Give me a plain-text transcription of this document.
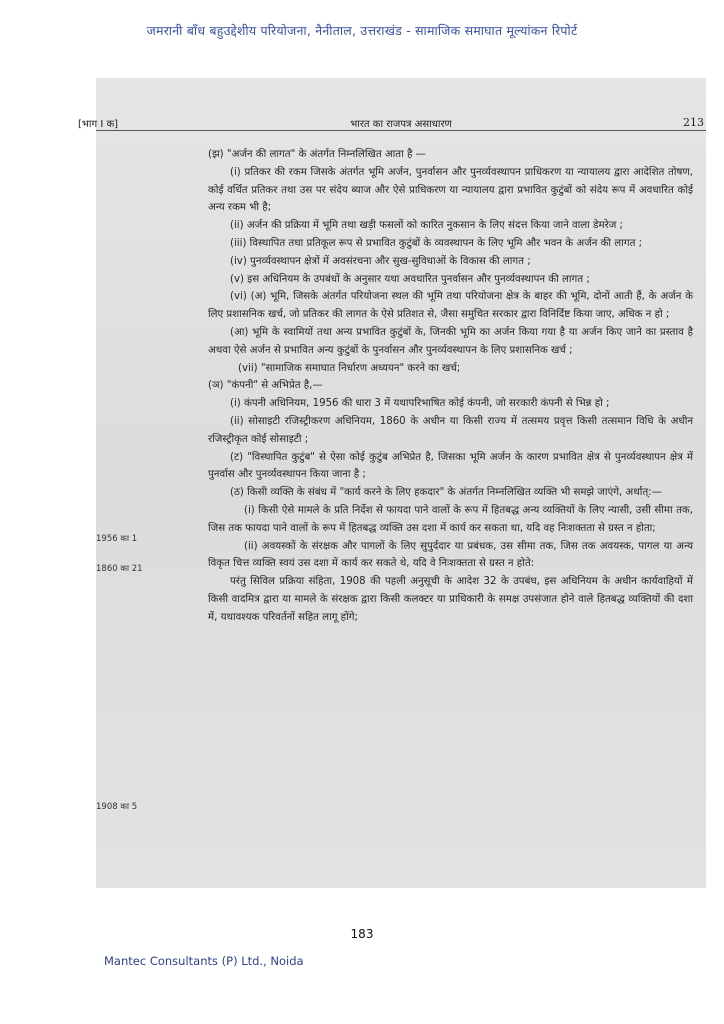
जमरानी बाँध बहुउद्देशीय परियोजना, नैनीताल, उत्तराखंड - सामाजिक समाघात मूल्यांकन रिपोर्ट
[भाग I क]	भारत का राजपत्र असाधारण	213
1956 का 1
1860 का 21
1908 का 5

(झ) "अर्जन की लागत" के अंतर्गत निम्नलिखित आता है —

(i) प्रतिकर की रकम जिसके अंतर्गत भूमि अर्जन, पुनर्वासन और पुनर्व्यवस्थापन प्राधिकरण या न्यायालय द्वारा आदेशित तोषण, कोई वर्धित प्रतिकर तथा उस पर संदेय ब्याज और ऐसे प्राधिकरण या न्यायालय द्वारा प्रभावित कुटुंबों को संदेय रूप में अवधारित कोई अन्य रकम भी है;

(ii) अर्जन की प्रक्रिया में भूमि तथा खड़ी फसलों को कारित नुकसान के लिए संदत्त किया जाने वाला डेमरेज ;

(iii) विस्थापित तथा प्रतिकूल रूप से प्रभावित कुटुंबों के व्यवस्थापन के लिए भूमि और भवन के अर्जन की लागत ;

(iv) पुनर्व्यवस्थापन क्षेत्रों में अवसंरचना और सुख-सुविधाओं के विकास की लागत ;

(v) इस अधिनियम के उपबंधों के अनुसार यथा अवधारित पुनर्वासन और पुनर्व्यवस्थापन की लागत ;

(vi) (अ) भूमि, जिसके अंतर्गत परियोजना स्थल की भूमि तथा परियोजना क्षेत्र के बाहर की भूमि, दोनों आती हैं, के अर्जन के लिए प्रशासनिक खर्च, जो प्रतिकर की लागत के ऐसे प्रतिशत से, जैसा समुचित सरकार द्वारा विनिर्दिष्ट किया जाए, अधिक न हो ;

(आ) भूमि के स्वामियों तथा अन्य प्रभावित कुटुंबों के, जिनकी भूमि का अर्जन किया गया है या अर्जन किए जाने का प्रस्ताव है अथवा ऐसे अर्जन से प्रभावित अन्य कुटुंबों के पुनर्वासन और पुनर्व्यवस्थापन के लिए प्रशासनिक खर्च ;

(vii) "सामाजिक समाघात निर्धारण अध्ययन" करने का खर्च;

(ञ) "कंपनी" से अभिप्रेत है,—

(i) कंपनी अधिनियम, 1956 की धारा 3 में यथापरिभाषित कोई कंपनी, जो सरकारी कंपनी से भिन्न हो ;

(ii) सोसाइटी रजिस्ट्रीकरण अधिनियम, 1860 के अधीन या किसी राज्य में तत्समय प्रवृत्त किसी तत्समान विधि के अधीन रजिस्ट्रीकृत कोई सोसाइटी ;

(ट) "विस्थापित कुटुंब" से ऐसा कोई कुटुंब अभिप्रेत है, जिसका भूमि अर्जन के कारण प्रभावित क्षेत्र से पुनर्व्यवस्थापन क्षेत्र में पुनर्वास और पुनर्व्यवस्थापन किया जाना है ;

(ठ) किसी व्यक्ति के संबंध में "कार्य करने के लिए हकदार" के अंतर्गत निम्नलिखित व्यक्ति भी समझे जाएंगे, अर्थात्:—

(i) किसी ऐसे मामले के प्रति निर्देश से फायदा पाने वालों के रूप में हितबद्ध अन्य व्यक्तियों के लिए न्यासी, उसी सीमा तक, जिस तक फायदा पाने वालों के रूप में हितबद्ध व्यक्ति उस दशा में कार्य कर सकता था, यदि वह निःशक्तता से ग्रस्त न होता;

(ii) अवयस्कों के संरक्षक और पागलों के लिए सुपुर्ददार या प्रबंधक, उस सीमा तक, जिस तक अवयस्क, पागल या अन्य विकृत चित्त व्यक्ति स्वयं उस दशा में कार्य कर सकते थे, यदि वे निःशक्तता से ग्रस्त न होते:

परंतु सिविल प्रक्रिया संहिता, 1908 की पहली अनुसूची के आदेश 32 के उपबंध, इस अधिनियम के अधीन कार्यवाहियों में किसी वादमित्र द्वारा या मामले के संरक्षक द्वारा किसी कलक्टर या प्राधिकारी के समक्ष उपसंजात होने वाले हितबद्ध व्यक्तियों की दशा में, यथावश्यक परिवर्तनों सहित लागू होंगे;

183
Mantec Consultants (P) Ltd., Noida
